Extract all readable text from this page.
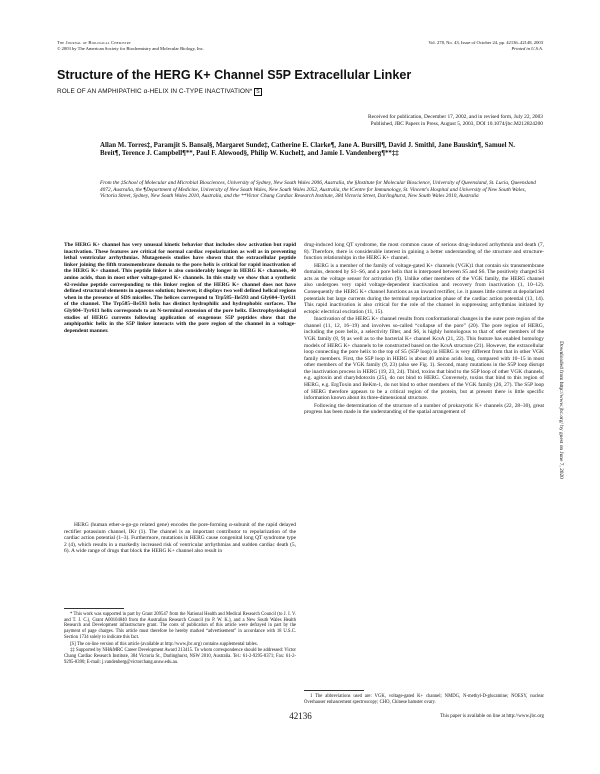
The Journal of Biological Chemistry
© 2003 by The American Society for Biochemistry and Molecular Biology, Inc.
Vol. 278, No. 43, Issue of October 24, pp. 42136–42148, 2003
Printed in U.S.A.
Structure of the HERG K+ Channel S5P Extracellular Linker
ROLE OF AN AMPHIPATHIC α-HELIX IN C-TYPE INACTIVATION* S
Received for publication, December 17, 2002, and in revised form, July 22, 2003
Published, JBC Papers in Press, August 5, 2003, DOI 10.1074/jbc.M212824200
Allan M. Torres‡, Paramjit S. Bansal§, Margaret Sunde‡, Catherine E. Clarke¶, Jane A. Bursill¶, David J. Smith‖, Jane Bauskin¶, Samuel N. Breit¶, Terence J. Campbell¶**, Paul F. Alewood§, Philip W. Kuchel‡, and Jamie I. Vandenberg¶**‡‡
From the ‡School of Molecular and Microbial Biosciences, University of Sydney, New South Wales 2006, Australia, the §Institute for Molecular Bioscience, University of Queensland, St. Lucia, Queensland 4072, Australia, the ¶Department of Medicine, University of New South Wales, New South Wales 2052, Australia, the ‖Centre for Immunology, St. Vincent's Hospital and University of New South Wales, Victoria Street, Sydney, New South Wales 2010, Australia, and the **Victor Chang Cardiac Research Institute, 384 Victoria Street, Darlinghurst, New South Wales 2010, Australia
Downloaded from http://www.jbc.org/ by guest on June 7, 2020
The HERG K+ channel has very unusual kinetic behavior that includes slow activation but rapid inactivation. These features are critical for normal cardiac repolarization as well as in preventing lethal ventricular arrhythmias. Mutagenesis studies have shown that the extracellular peptide linker joining the fifth transmembrane domain to the pore helix is critical for rapid inactivation of the HERG K+ channel. This peptide linker is also considerably longer in HERG K+ channels, 40 amino acids, than in most other voltage-gated K+ channels. In this study we show that a synthetic 42-residue peptide corresponding to this linker region of the HERG K+ channel does not have defined structural elements in aqueous solution; however, it displays two well defined helical regions when in the presence of SDS micelles. The helices correspond to Trp585–Ile593 and Gly604–Tyr611 of the channel. The Trp585–Ile593 helix has distinct hydrophilic and hydrophobic surfaces. The Gly604–Tyr611 helix corresponds to an N-terminal extension of the pore helix. Electrophysiological studies of HERG currents following application of exogenous S5P peptides show that the amphipathic helix in the S5P linker interacts with the pore region of the channel in a voltage-dependent manner.

HERG (human ether-a-go-go related gene) encodes the pore-forming α-subunit of the rapid delayed rectifier potassium channel, IKr (1). The channel is an important contributor to repolarization of the cardiac action potential (1–3). Furthermore, mutations in HERG cause congenital long QT syndrome type 2 (4), which results in a markedly increased risk of ventricular arrhythmias and sudden cardiac death (5, 6). A wide range of drugs that block the HERG K+ channel also result in

* This work was supported in part by Grant 209547 from the National Health and Medical Research Council (to J. I. V. and T. J. C.), Grant A00104040 from the Australian Research Council (to P. W. K.), and a New South Wales Health Research and Development infrastructure grant. The costs of publication of this article were defrayed in part by the payment of page charges. This article must therefore be hereby marked “advertisement” in accordance with 18 U.S.C. Section 1734 solely to indicate this fact.

[S] The on-line version of this article (available at http://www.jbc.org) contains supplemental tables.

‡‡ Supported by NH&MRC Career Development Award 213415. To whom correspondence should be addressed: Victor Chang Cardiac Research Institute, 384 Victoria St., Darlinghurst, NSW 2010, Australia. Tel.: 61-2-9295-8371; Fax: 61-2-9295-8390; E-mail: j.vandenberg@victorchang.unsw.edu.au.

drug-induced long QT syndrome, the most common cause of serious drug-induced arrhythmia and death (7, 8). Therefore, there is considerable interest in gaining a better understanding of the structure and structure-function relationships in the HERG K+ channel.

HERG is a member of the family of voltage-gated K+ channels (VGK)1 that contain six transmembrane domains, denoted by S1–S6, and a pore helix that is interposed between S5 and S6. The positively charged S4 acts as the voltage sensor for activation (9). Unlike other members of the VGK family, the HERG channel also undergoes very rapid voltage-dependent inactivation and recovery from inactivation (1, 10–12). Consequently the HERG K+ channel functions as an inward rectifier, i.e. it passes little current at depolarized potentials but large currents during the terminal repolarization phase of the cardiac action potential (13, 14). This rapid inactivation is also critical for the role of the channel in suppressing arrhythmias initiated by ectopic electrical excitation (11, 15).

Inactivation of the HERG K+ channel results from conformational changes in the outer pore region of the channel (11, 12, 16–19) and involves so-called “collapse of the pore” (20). The pore region of HERG, including the pore helix, a selectivity filter, and S6, is highly homologous to that of other members of the VGK family (8, 9) as well as to the bacterial K+ channel KcsA (21, 22). This feature has enabled homology models of HERG K+ channels to be constructed based on the KcsA structure (21). However, the extracellular loop connecting the pore helix to the top of S5 (S5P loop) in HERG is very different from that in other VGK family members. First, the S5P loop in HERG is about 40 amino acids long, compared with 10–15 in most other members of the VGK family (9, 23) (also see Fig. 1). Second, many mutations in the S5P loop disrupt the inactivation process in HERG (19, 23, 24). Third, toxins that bind to the S5P loop of other VGK channels, e.g. agitoxin and charybdotoxin (25), do not bind to HERG. Conversely, toxins that bind to this region of HERG, e.g. ErgToxin and BeKm-1, do not bind to other members of the VGK family (26, 27). The S5P loop of HERG therefore appears to be a critical region of the protein, but at present there is little specific information known about its three-dimensional structure.

Following the determination of the structure of a number of prokaryotic K+ channels (22, 28–30), great progress has been made in the understanding of the spatial arrangement of

1 The abbreviations used are: VGK, voltage-gated K+ channel; NMDG, N-methyl-D-glucamine; NOESY, nuclear Overhauser enhancement spectroscopy; CHO, Chinese hamster ovary.

42136	This paper is available on line at http://www.jbc.org
